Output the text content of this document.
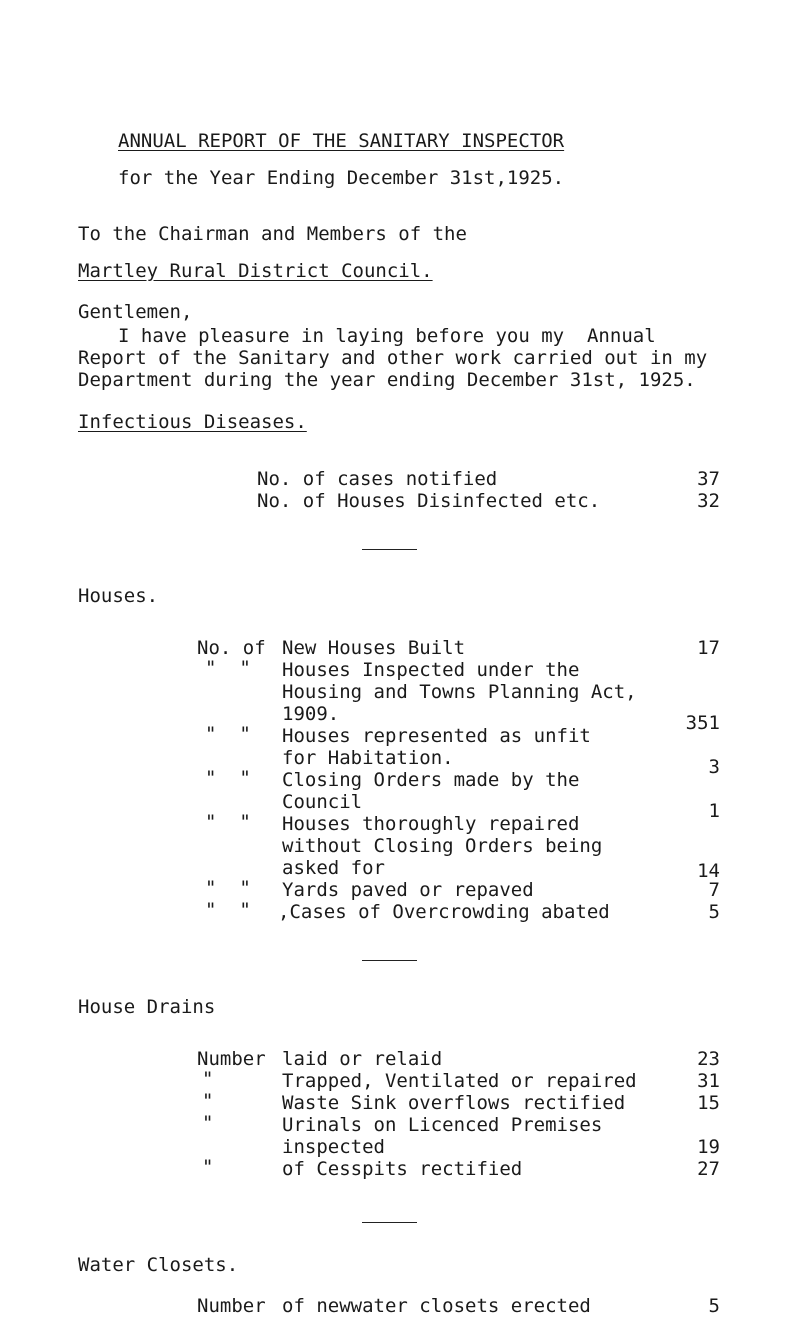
ANNUAL REPORT OF THE SANITARY INSPECTOR
for the Year Ending December 31st,1925.
To the Chairman and Members of the
Martley Rural District Council.
Gentlemen,
I have pleasure in laying before you my  Annual
Report of the Sanitary and other work carried out in my
Department during the year ending December 31st, 1925.
Infectious Diseases.
No. of cases notified	37
No. of Houses Disinfected etc.	32
Houses.
No. of New Houses Built	17
"  " Houses Inspected under the
Housing and Towns Planning Act,
1909.	351
"  " Houses represented as unfit
for Habitation.	3
"  " Closing Orders made by the
Council	1
"  " Houses thoroughly repaired
without Closing Orders being
asked for	14
"  " Yards paved or repaved	7
"  " ,Cases of Overcrowding abated	5
House Drains
Number laid or relaid	23
"	Trapped, Ventilated or repaired	31
"	Waste Sink overflows rectified	15
"	Urinals on Licenced Premises
inspected	19
"	of Cesspits rectified	27
Water Closets.
Number of newwater closets erected	5
